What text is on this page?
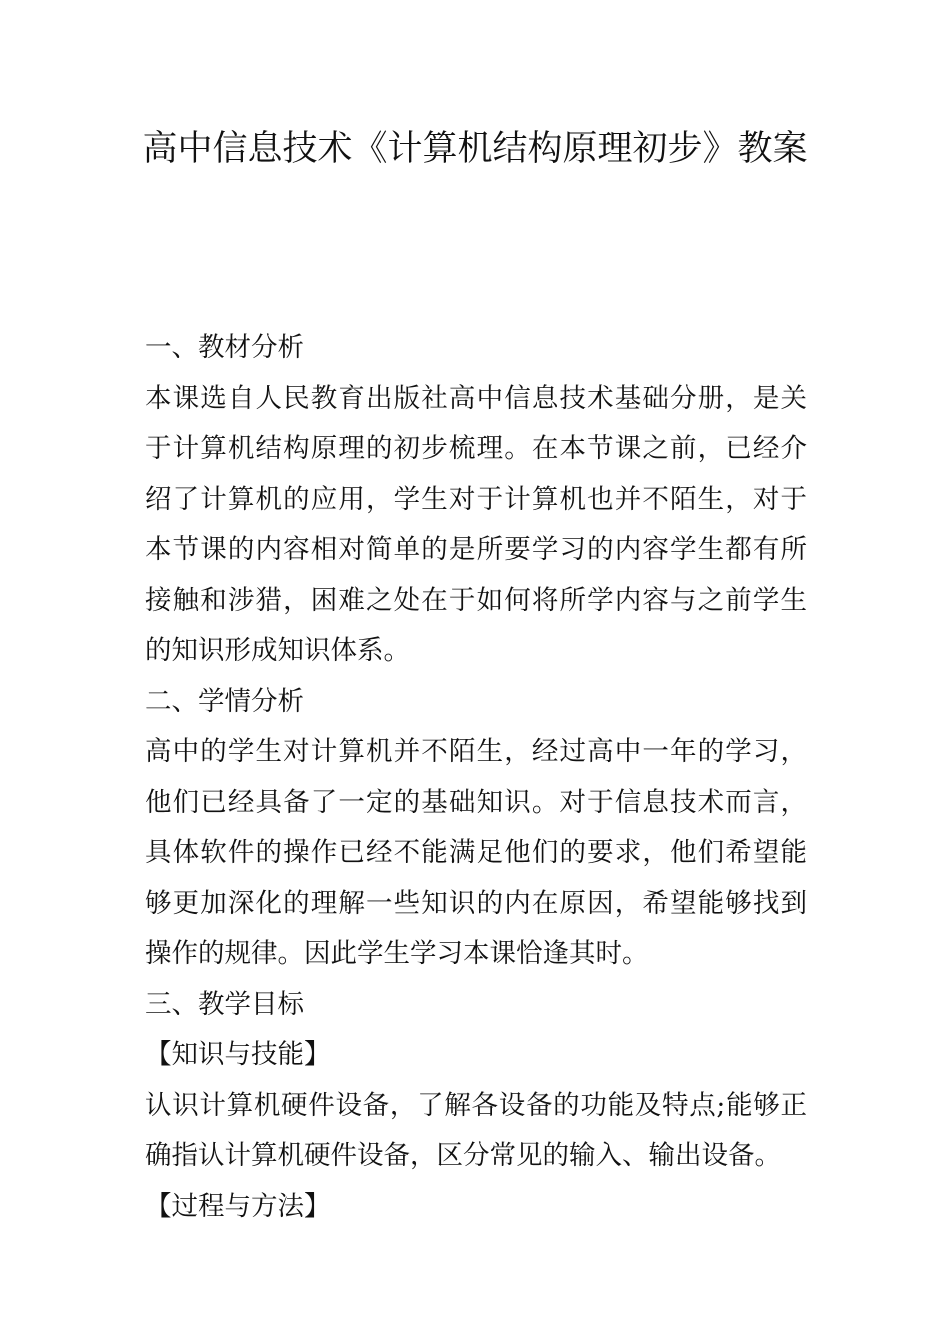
高中信息技术《计算机结构原理初步》教案

一、教材分析

本课选自人民教育出版社高中信息技术基础分册，是关于计算机结构原理的初步梳理。在本节课之前，已经介绍了计算机的应用，学生对于计算机也并不陌生，对于本节课的内容相对简单的是所要学习的内容学生都有所接触和涉猎，困难之处在于如何将所学内容与之前学生的知识形成知识体系。

二、学情分析

高中的学生对计算机并不陌生，经过高中一年的学习，他们已经具备了一定的基础知识。对于信息技术而言，具体软件的操作已经不能满足他们的要求，他们希望能够更加深化的理解一些知识的内在原因，希望能够找到操作的规律。因此学生学习本课恰逢其时。

三、教学目标

【知识与技能】

认识计算机硬件设备，了解各设备的功能及特点;能够正确指认计算机硬件设备，区分常见的输入、输出设备。

【过程与方法】
